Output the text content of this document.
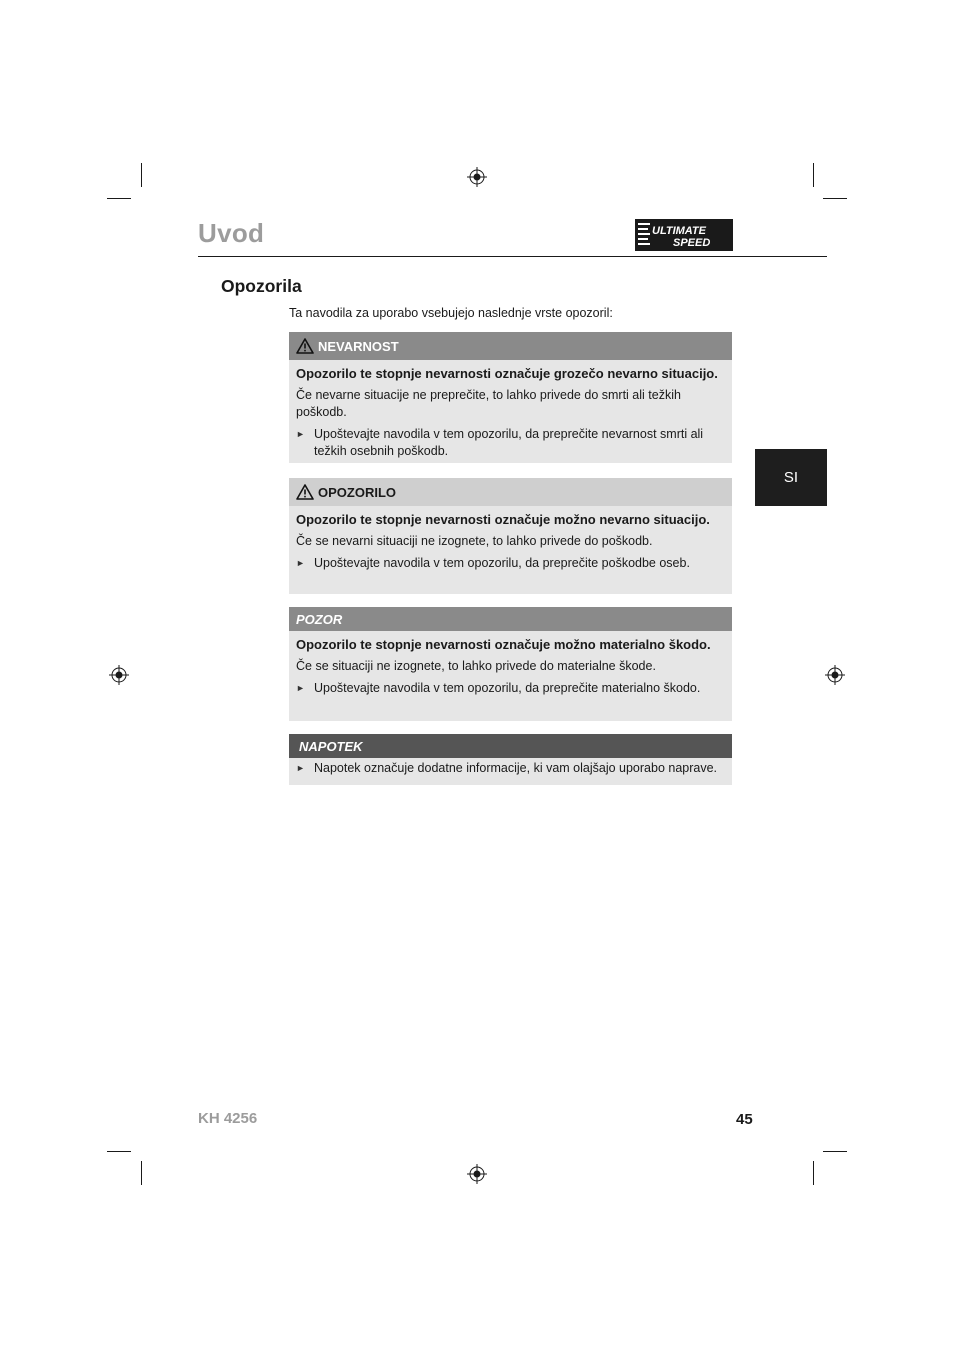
Uvod	ULTIMATE
SPEED
Opozorila
Ta navodila za uporabo vsebujejo naslednje vrste opozoril:
SI
NEVARNOST

Opozorilo te stopnje nevarnosti označuje grozečo nevarno situacijo.

Če nevarne situacije ne preprečite, to lahko privede do smrti ali težkih poškodb.

► Upoštevajte navodila v tem opozorilu, da preprečite nevarnost smrti ali težkih osebnih poškodb.
OPOZORILO

Opozorilo te stopnje nevarnosti označuje možno nevarno situacijo.

Če se nevarni situaciji ne izognete, to lahko privede do poškodb.

► Upoštevajte navodila v tem opozorilu, da preprečite poškodbe oseb.
POZOR

Opozorilo te stopnje nevarnosti označuje možno materialno škodo.

Če se situaciji ne izognete, to lahko privede do materialne škode.

► Upoštevajte navodila v tem opozorilu, da preprečite materialno škodo.
NAPOTEK
► Napotek označuje dodatne informacije, ki vam olajšajo uporabo naprave.
KH 4256	45
